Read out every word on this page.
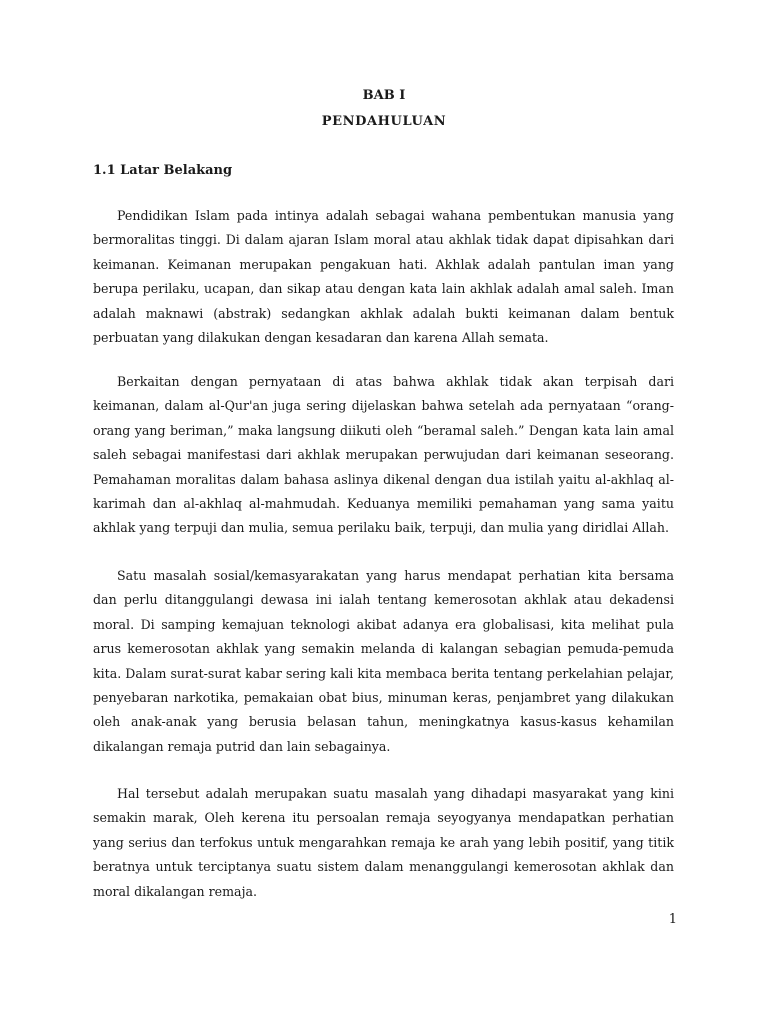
BAB I
PENDAHULUAN
1.1 Latar Belakang

Pendidikan Islam pada intinya adalah sebagai wahana pembentukan manusia yang bermoralitas tinggi. Di dalam ajaran Islam moral atau akhlak tidak dapat dipisahkan dari keimanan. Keimanan merupakan pengakuan hati. Akhlak adalah pantulan iman yang berupa perilaku, ucapan, dan sikap atau dengan kata lain akhlak adalah amal saleh. Iman adalah maknawi (abstrak) sedangkan akhlak adalah bukti keimanan dalam bentuk perbuatan yang dilakukan dengan kesadaran dan karena Allah semata.

Berkaitan dengan pernyataan di atas bahwa akhlak tidak akan terpisah dari keimanan, dalam al-Qur'an juga sering dijelaskan bahwa setelah ada pernyataan “orang-orang yang beriman,” maka langsung diikuti oleh “beramal saleh.” Dengan kata lain amal saleh sebagai manifestasi dari akhlak merupakan perwujudan dari keimanan seseorang. Pemahaman moralitas dalam bahasa aslinya dikenal dengan dua istilah yaitu al-akhlaq al-karimah dan al-akhlaq al-mahmudah. Keduanya memiliki pemahaman yang sama yaitu akhlak yang terpuji dan mulia, semua perilaku baik, terpuji, dan mulia yang diridlai Allah.

Satu masalah sosial/kemasyarakatan yang harus mendapat perhatian kita bersama dan perlu ditanggulangi dewasa ini ialah tentang kemerosotan akhlak atau dekadensi moral. Di samping kemajuan teknologi akibat adanya era globalisasi, kita melihat pula arus kemerosotan akhlak yang semakin melanda di kalangan sebagian pemuda-pemuda kita. Dalam surat-surat kabar sering kali kita membaca berita tentang perkelahian pelajar, penyebaran narkotika, pemakaian obat bius, minuman keras, penjambret yang dilakukan oleh anak-anak yang berusia belasan tahun, meningkatnya kasus-kasus kehamilan dikalangan remaja putrid dan lain sebagainya.

Hal tersebut adalah merupakan suatu masalah yang dihadapi masyarakat yang kini semakin marak, Oleh kerena itu persoalan remaja seyogyanya mendapatkan perhatian yang serius dan terfokus untuk mengarahkan remaja ke arah yang lebih positif, yang titik beratnya untuk terciptanya suatu sistem dalam menanggulangi kemerosotan akhlak dan moral dikalangan remaja.

1
